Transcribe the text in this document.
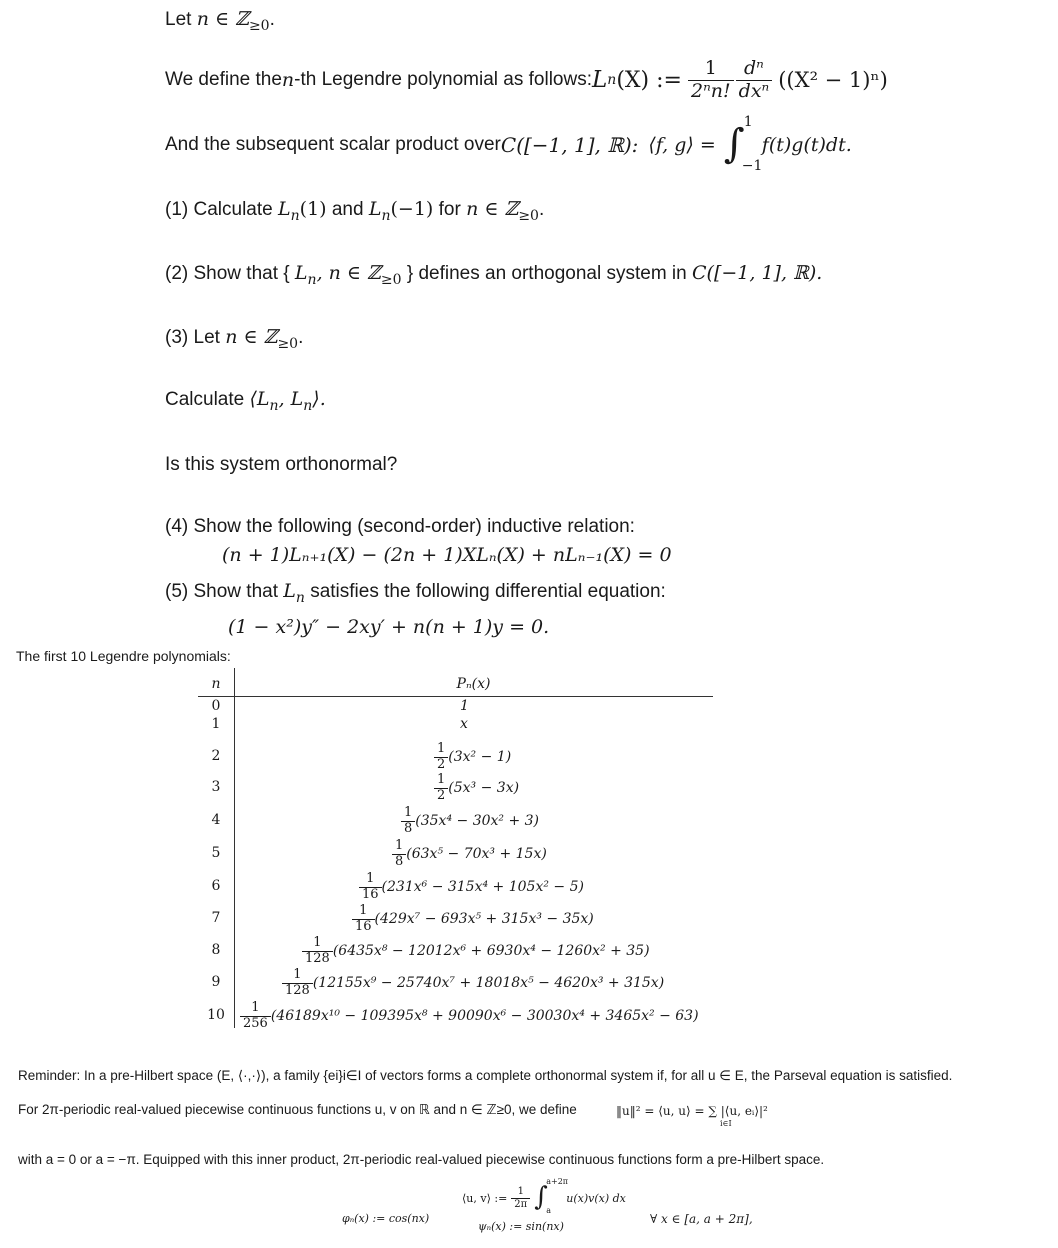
Let n ∈ ℤ$_{\ge 0}$.
We define the n -th Legendre polynomial as follows: L n (X) := $\frac{1}{\text{2ⁿn!}} \frac{\text{dⁿ}}{\text{dxⁿ}} ((X^2 - 1)^n)$
And the subsequent scalar product over C([−1, 1], ℝ): ⟨f, g⟩ = ∫ 1
−1
f(t)g(t)dt.
(1) Calculate $L_n(1)$ and $L_n(-1)$ for n ∈ ℤ$_{\ge 0}$.
(2) Show that { $L_n$, n ∈ ℤ$_{\ge 0}$ } defines an orthogonal system in C([−1, 1], ℝ).
(3) Let n ∈ ℤ$_{\ge 0}$.
Calculate $⟨L_n$, $L_n⟩$.
Is this system orthonormal?
(4) Show the following (second-order) inductive relation:
(n + 1)Lₙ₊₁(X) − (2n + 1)XLₙ(X) + nLₙ₋₁(X) = 0
(5) Show that $L_n$ satisfies the following differential equation:
(1 − x²)y″ − 2xy′ + n(n + 1)y = 0.
The first 10 Legendre polynomials:
n	Pₙ(x)
0	1
1	x
2	$\frac{1}{2} (3x^2 - 1)$
3	$\frac{1}{2} (5x^3 - 3x)$
4	$\frac{1}{8} (35x^4 - 30x^2 + 3)$
5	$\frac{1}{8} (63x^5 - 70x^3 + 15x)$
6	$\frac{1}{16} (231x^6 - 315x^4 + 105x^2 - 5)$
7	$\frac{1}{16} (429x^7 - 693x^5 + 315x^3 - 35x)$
8	$\frac{1}{128} (6435x^8 - 12012x^6 + 6930x^4 - 1260x^2 + 35)$
9	$\frac{1}{128} (12155x^9 - 25740x^7 + 18018x^5 - 4620x^3 + 315x)$
10	$\frac{1}{256} (46189x^{10} - 109395x^8 + 90090x^6 - 30030x^4 + 3465x^2 - 63)$
Reminder: In a pre-Hilbert space (E, ⟨·,·⟩), a family {ei}i∈I of vectors forms a complete orthonormal system if, for all u ∈ E, the Parseval equation is satisfied.
For 2π-periodic real-valued piecewise continuous functions u, v on ℝ and n ∈ ℤ≥0, we define	‖u‖² = ⟨u, u⟩ = ∑ |⟨u, eᵢ⟩|²
i∈I
with a = 0 or a = −π. Equipped with this inner product, 2π-periodic real-valued piecewise continuous functions form a pre-Hilbert space.
⟨u, v⟩ := $\frac{1}{2\pi}$ ∫
a+2π
a
u(x)v(x) dx
φₙ(x) := cos(nx)
ψₙ(x) := sin(nx)
∀ x ∈ [a, a + 2π],
